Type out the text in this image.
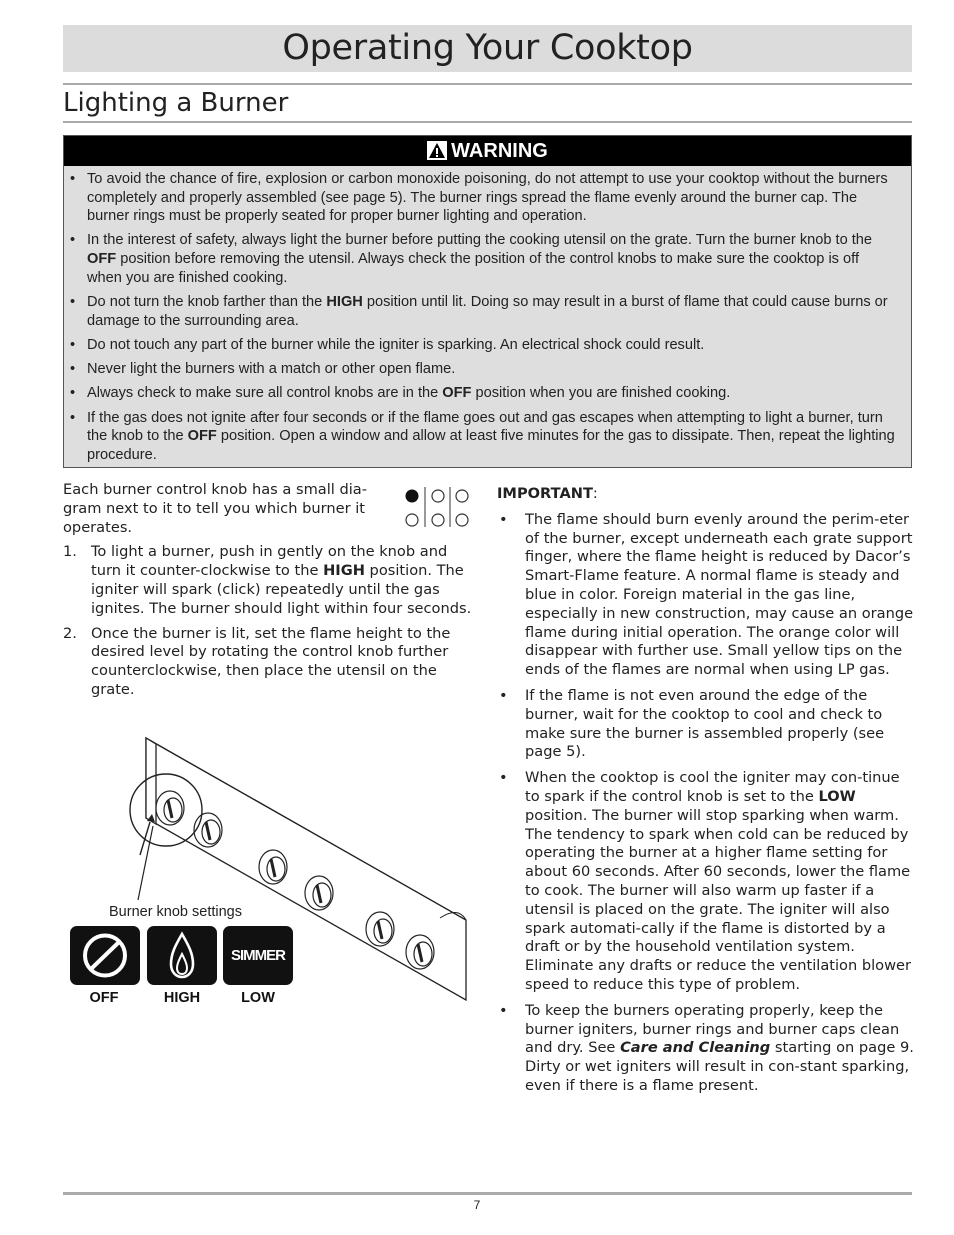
Operating Your Cooktop
Lighting a Burner
WARNING
• To avoid the chance of fire, explosion or carbon monoxide poisoning, do not attempt to use your cooktop without the burners completely and properly assembled (see page 5). The burner rings spread the flame evenly around the burner cap. The burner rings must be properly seated for proper burner lighting and operation.
• In the interest of safety, always light the burner before putting the cooking utensil on the grate. Turn the burner knob to the OFF position before removing the utensil. Always check the position of the control knobs to make sure the cooktop is off when you are finished cooking.
• Do not turn the knob farther than the HIGH position until lit. Doing so may result in a burst of flame that could cause burns or damage to the surrounding area.
• Do not touch any part of the burner while the igniter is sparking. An electrical shock could result.
• Never light the burners with a match or other open flame.
• Always check to make sure all control knobs are in the OFF position when you are finished cooking.
• If the gas does not ignite after four seconds or if the flame goes out and gas escapes when attempting to light a burner, turn the knob to the OFF position. Open a window and allow at least five minutes for the gas to dissipate. Then, repeat the lighting procedure.

Each burner control knob has a small dia-
gram next to it to tell you which burner it
operates.

1. To light a burner, push in gently on the knob and turn it counter-clockwise to the HIGH position. The igniter will spark (click) repeatedly until the gas ignites. The burner should light within four seconds.
2. Once the burner is lit, set the flame height to the desired level by rotating the control knob further counterclockwise, then place the utensil on the grate.
Burner knob settings
SIMMER
OFF	HIGH	LOW

IMPORTANT:

• The flame should burn evenly around the perim-eter of the burner, except underneath each grate support finger, where the flame height is reduced by Dacor’s Smart-Flame feature. A normal flame is steady and blue in color. Foreign material in the gas line, especially in new construction, may cause an orange flame during initial operation. The orange color will disappear with further use. Small yellow tips on the ends of the flames are normal when using LP gas.
• If the flame is not even around the edge of the burner, wait for the cooktop to cool and check to make sure the burner is assembled properly (see page 5).
• When the cooktop is cool the igniter may con-tinue to spark if the control knob is set to the LOW position. The burner will stop sparking when warm. The tendency to spark when cold can be reduced by operating the burner at a higher flame setting for about 60 seconds. After 60 seconds, lower the flame to cook. The burner will also warm up faster if a utensil is placed on the grate. The igniter will also spark automati-cally if the flame is distorted by a draft or by the household ventilation system. Eliminate any drafts or reduce the ventilation blower speed to reduce this type of problem.
• To keep the burners operating properly, keep the burner igniters, burner rings and burner caps clean and dry. See Care and Cleaning starting on page 9. Dirty or wet igniters will result in con-stant sparking, even if there is a flame present.
7
